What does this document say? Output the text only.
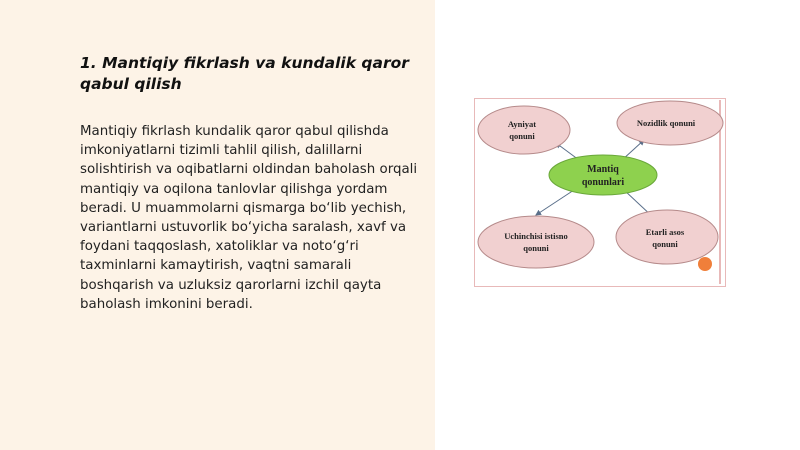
1. Mantiqiy fikrlash va kundalik qaror qabul qilish

Mantiqiy fikrlash kundalik qaror qabul qilishda imkoniyatlarni tizimli tahlil qilish, dalillarni solishtirish va oqibatlarni oldindan baholash orqali mantiqiy va oqilona tanlovlar qilishga yordam beradi. U muammolarni qismarga bo‘lib yechish, variantlarni ustuvorlik bo‘yicha saralash, xavf va foydani taqqoslash, xatoliklar va noto‘g‘ri taxminlarni kamaytirish, vaqtni samarali boshqarish va uzluksiz qarorlarni izchil qayta baholash imkonini beradi.

Ayniyat
qonuni
Nozidlik qonuni
Mantiq
qonunlari
Uchinchisi istisno
qonuni
Etarli asos
qonuni
